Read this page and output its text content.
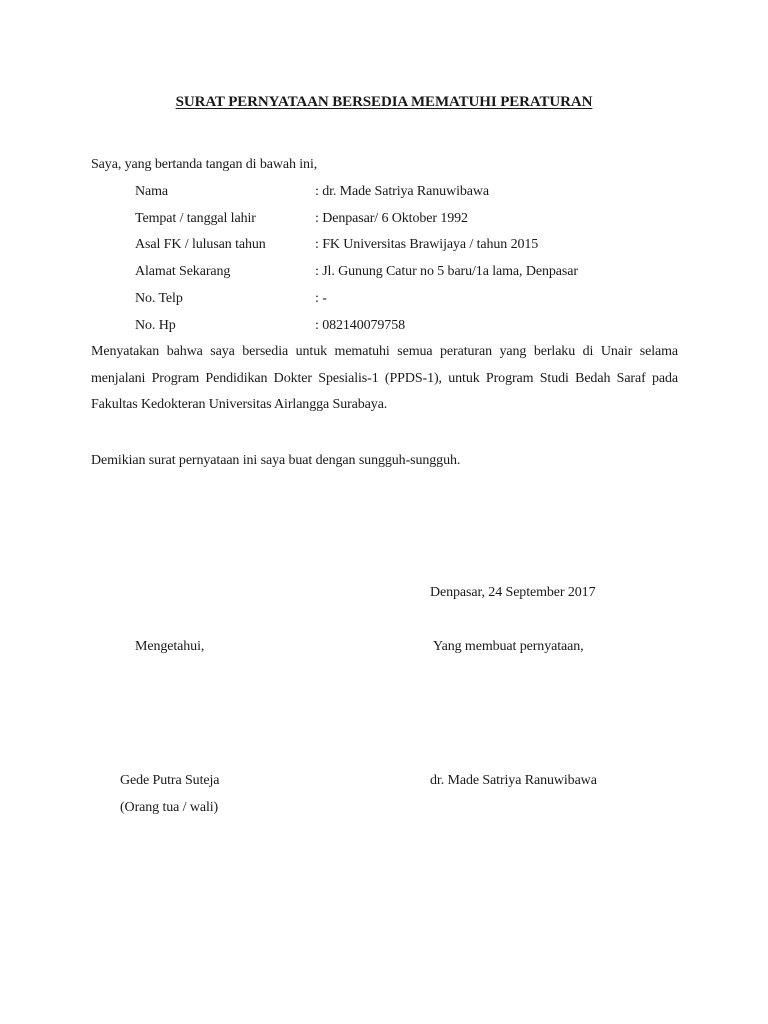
SURAT PERNYATAAN BERSEDIA MEMATUHI PERATURAN
Saya, yang bertanda tangan di bawah ini,
Nama	: dr. Made Satriya Ranuwibawa
Tempat / tanggal lahir	: Denpasar/ 6 Oktober 1992
Asal FK / lulusan tahun	: FK Universitas Brawijaya / tahun 2015
Alamat Sekarang	: Jl. Gunung Catur no 5 baru/1a lama, Denpasar
No. Telp	: -
No. Hp	: 082140079758
Menyatakan bahwa saya bersedia untuk mematuhi semua peraturan yang berlaku di Unair selama menjalani Program Pendidikan Dokter Spesialis-1 (PPDS-1), untuk Program Studi Bedah Saraf pada Fakultas Kedokteran Universitas Airlangga Surabaya.
Demikian surat pernyataan ini saya buat dengan sungguh-sungguh.
Denpasar, 24 September 2017
Mengetahui,	Yang membuat pernyataan,
Gede Putra Suteja	dr. Made Satriya Ranuwibawa
(Orang tua / wali)
